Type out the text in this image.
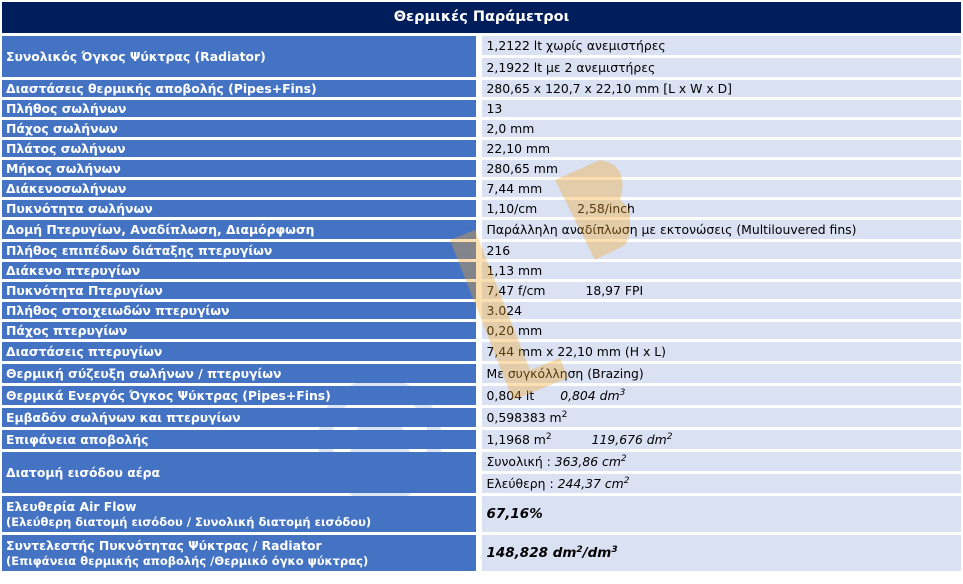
Θερμικές Παράμετροι	
Συνολικός Όγκος Ψύκτρας (Radiator)	1,2122 lt χωρίς ανεμιστήρες
	2,1922 lt με 2 ανεμιστήρες
Διαστάσεις θερμικής αποβολής (Pipes+Fins)	280,65 x 120,7 x 22,10 mm [L x W x D]
Πλήθος σωλήνων	13
Πάχος σωλήνων	2,0 mm
Πλάτος σωλήνων	22,10 mm
Μήκος σωλήνων	280,65 mm
Διάκενοσωλήνων	7,44 mm
Πυκνότητα σωλήνων	1,10/cm 2,58/inch
Δομή Πτερυγίων, Αναδίπλωση, Διαμόρφωση	Παράλληλη αναδίπλωση με εκτονώσεις (Multilouvered fins)
Πλήθος επιπέδων διάταξης πτερυγίων	216
Διάκενο πτερυγίων	1,13 mm
Πυκνότητα Πτερυγίων	7,47 f/cm 18,97 FPI
Πλήθος στοιχειωδών πτερυγίων	3.024
Πάχος πτερυγίων	0,20 mm
Διαστάσεις πτερυγίων	7,44 mm x 22,10 mm (H x L)
Θερμική σύζευξη σωλήνων / πτερυγίων	Με συγκόλληση (Brazing)
Θερμικά Ενεργός Όγκος Ψύκτρας (Pipes+Fins)	0,804 lt 0,804 $dm^3$
Εμβαδόν σωλήνων και πτερυγίων	0,598383 $m^2$
Επιφάνεια αποβολής	1,1968 $m^2$ 119,676 $dm^2$
Διατομή εισόδου αέρα	Συνολική : 363,86 $cm^2$
	Ελεύθερη : 244,37 $cm^2$
Ελευθερία Air Flow
(Ελεύθερη διατομή εισόδου / Συνολική διατομή εισόδου)	67,16%
Συντελεστής Πυκνότητας Ψύκτρας / Radiator
(Επιφάνεια θερμικής αποβολής /Θερμικό όγκο ψύκτρας)	148,828 $dm^2/dm^3$
